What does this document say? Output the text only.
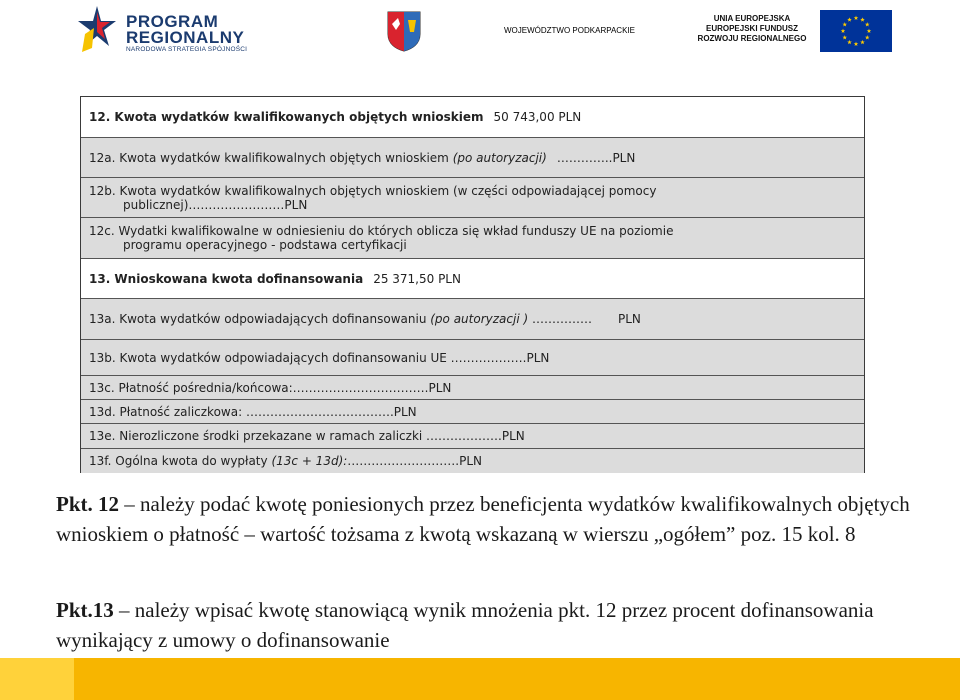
PROGRAM
REGIONALNY
NARODOWA STRATEGIA SPÓJNOŚCI
WOJEWÓDZTWO PODKARPACKIE
UNIA EUROPEJSKA
EUROPEJSKI FUNDUSZ
ROZWOJU REGIONALNEGO
12. Kwota wydatków kwalifikowanych objętych wnioskiem 50 743,00 PLN
12a. Kwota wydatków kwalifikowalnych objętych wnioskiem (po autoryzacji) …………..PLN
12b. Kwota wydatków kwalifikowalnych objętych wnioskiem (w części odpowiadającej pomocy
publicznej)……………………PLN
12c. Wydatki kwalifikowalne w odniesieniu do których oblicza się wkład funduszy UE na poziomie
programu operacyjnego - podstawa certyfikacji
13. Wnioskowana kwota dofinansowania 25 371,50 PLN
13a. Kwota wydatków odpowiadających dofinansowaniu (po autoryzacji ) …………… PLN
13b. Kwota wydatków odpowiadających dofinansowaniu UE ……………….PLN
13c. Płatność pośrednia/końcowa:…………………………….PLN
13d. Płatność zaliczkowa: ……………………………….PLN
13e. Nierozliczone środki przekazane w ramach zaliczki ……………….PLN
13f. Ogólna kwota do wypłaty (13c + 13d):……………………….PLN
Pkt. 12 – należy podać kwotę poniesionych przez beneficjenta wydatków kwalifikowalnych objętych wnioskiem o płatność – wartość tożsama z kwotą wskazaną w wierszu „ogółem” poz. 15 kol. 8
Pkt.13 – należy wpisać kwotę stanowiącą wynik mnożenia pkt. 12 przez procent dofinansowania wynikający z umowy o dofinansowanie
